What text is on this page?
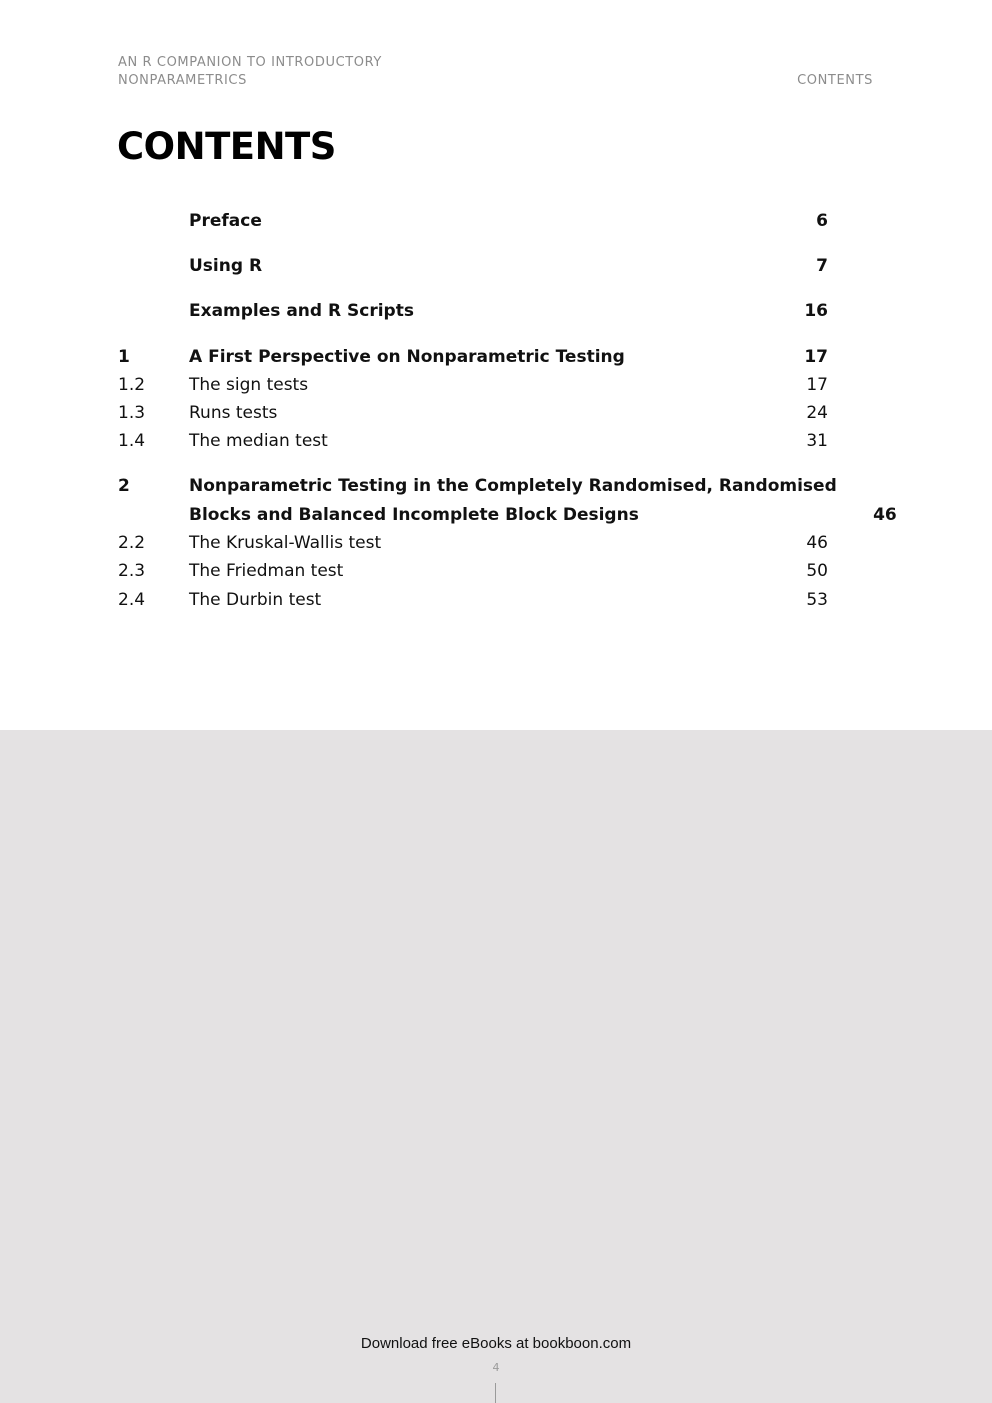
AN R COMPANION TO INTRODUCTORY
NONPARAMETRICS	CONTENTS
CONTENTS
Preface	6
Using R	7
Examples and R Scripts	16
1	A First Perspective on Nonparametric Testing	17
1.2	The sign tests	17
1.3	Runs tests	24
1.4	The median test	31
2	Nonparametric Testing in the Completely Randomised, Randomised
Blocks and Balanced Incomplete Block Designs	46
2.2	The Kruskal-Wallis test	46
2.3	The Friedman test	50
2.4	The Durbin test	53
Download free eBooks at bookboon.com
4
